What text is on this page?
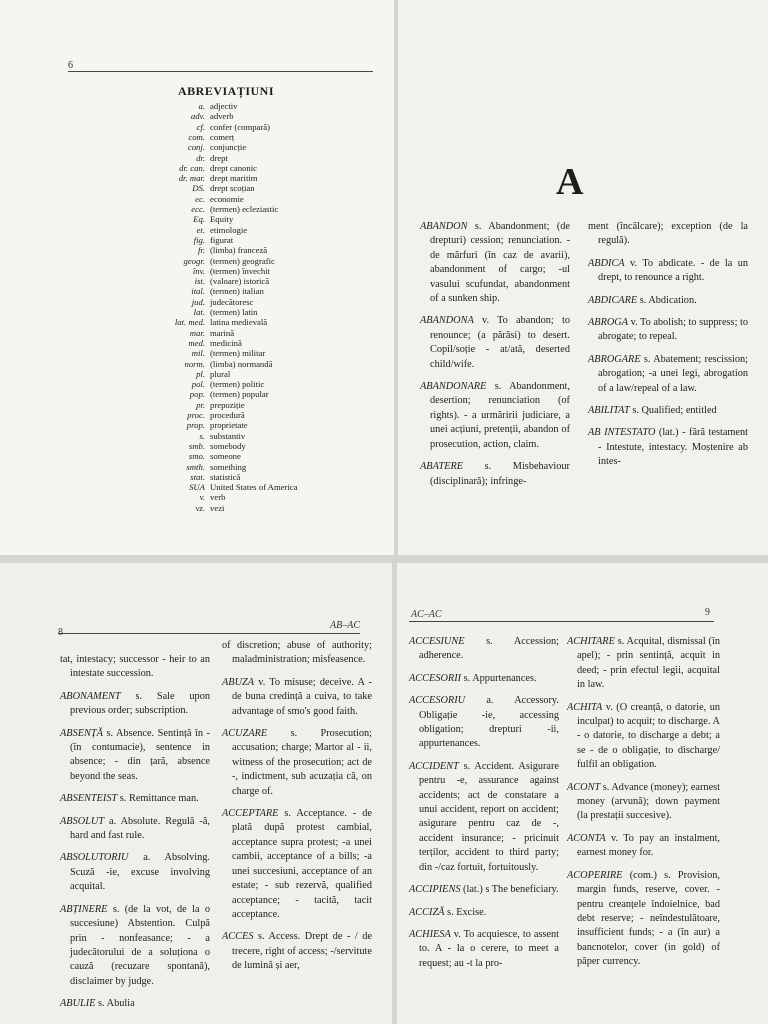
6
ABREVIAȚIUNI
a. adjectiv
adv. adverb
cf. confer (compară)
com. comerț
conj. conjuncție
dr. drept
dr. can. drept canonic
dr. mar. drept maritim
DS. drept scoțian
ec. economie
ecc. (termen) ecleziastic
Eq. Equity
et. etimologie
fig. figurat
fr. (limba) franceză
geogr. (termen) geografic
înv. (termen) învechit
ist. (valoare) istorică
ital. (termen) italian
jud. judecătoresc
lat. (termen) latin
lat. med. latina medievală
mar. marină
med. medicină
mil. (termen) militar
norm. (limba) normandă
pl. plural
pol. (termen) politic
pop. (termen) popular
pr. prepoziție
proc. procedură
prop. proprietate
s. substantiv
smb. somebody
smo. someone
smth. something
stat. statistică
SUA United States of America
v. verb
vz. vezi
A
ABANDON s. Abandonment; (de drepturi) cession; renunciation. - de mărfuri (în caz de avarii), abandonment of cargo; -ul vasului scufundat, abandonment of a sunken ship.
ABANDONA v. To abandon; to renounce; (a părăsi) to desert. Copil/soție - at/ată, deserted child/wife.
ABANDONARE s. Abandonment, desertion; renunciation (of rights). - a urmăririi judiciare, a unei acțiuni, pretenții, abandon of prosecution, action, claim.
ABATERE s. Misbehaviour (disciplinară); infringe-
ment (încălcare); exception (de la regulă).
ABDICA v. To abdicate. - de la un drept, to renounce a right.
ABDICARE s. Abdication.
ABROGA v. To abolish; to suppress; to abrogate; to repeal.
ABROGARE s. Abatement; rescission; abrogation; -a unei legi, abrogation of a law/repeal of a law.
ABILITAT s. Qualified; entitled
AB INTESTATO (lat.) - fără testament - Intestute, intestacy. Moștenire ab intes-
AB–AC
tat, intestacy; successor - heir to an intestate succession.
ABONAMENT s. Sale upon previous order; subscription.
ABSENȚĂ s. Absence. Sentință în - (în contumacie), sentence in absence; - din țară, absence beyond the seas.
ABSENTEIST s. Remittance man.
ABSOLUT a. Absolute. Regulă -ă, hard and fast rule.
ABSOLUTORIU a. Absolving. Scuză -ie, excuse involving acquital.
ABȚINERE s. (de la vot, de la o succesiune) Abstention. Culpă prin - nonfeasance; - a judecătorului de a soluționa o cauză (recuzare spontană), disclaimer by judge.
ABULIE s. Abulia
of discretion; abuse of authority; maladministration; misfeasence.
ABUZA v. To misuse; deceive. A - de buna credință a cuiva, to take advantage of smo's good faith.
ACUZARE s. Prosecution; accusation; charge; Martor al - ii, witness of the prosecution; act de -, indictment, sub acuzația că, on charge of.
ACCEPTARE s. Acceptance. - de plată după protest cambial, acceptance supra protest; -a unei cambii, acceptance of a bills; -a unei succesiuni, acceptance of an estate; - sub rezervă, qualified acceptance; - tacită, tacit acceptance.
ACCES s. Access. Drept de - / de trecere, right of access; -/servitute de lumină și aer,
AC–AC	9
ACCESIUNE s. Accession; adherence.
ACCESORII s. Appurtenances.
ACCESORIU a. Accessory. Obligație -ie, accessing obligation; drepturi -ii, appurtenances.
ACCIDENT s. Accident. Asigurare pentru -e, assurance against accidents; act de constatare a unui accident, report on accident; asigurare pentru caz de -, accident insurance; - pricinuit terților, accident to third party; din -/caz fortuit, fortuitously.
ACCIPIENS (lat.) s The beneficiary.
ACCIZĂ s. Excise.
ACHIESA v. To acquiesce, to assent to. A - la o cerere, to meet a request; au -t la pro-
ACHITARE s. Acquital, dismissal (în apel); - prin sentință, acquit in deed; - prin efectul legii, acquital in law.
ACHITA v. (O creanță, o datorie, un inculpat) to acquit; to discharge. A - o datorie, to discharge a debt; a se - de o obligație, to discharge/ fulfil an obligation.
ACONT s. Advance (money); earnest money (arvună); down payment (la prestații succesive).
ACONTA v. To pay an instalment, earnest money for.
ACOPERIRE (com.) s. Provision, margin funds, reserve, cover. - pentru creanțele îndoielnice, bad debt reserve; - neîndestulătoare, insufficient funds; - a (în aur) a bancnotelor, cover (in gold) of păper currency.
